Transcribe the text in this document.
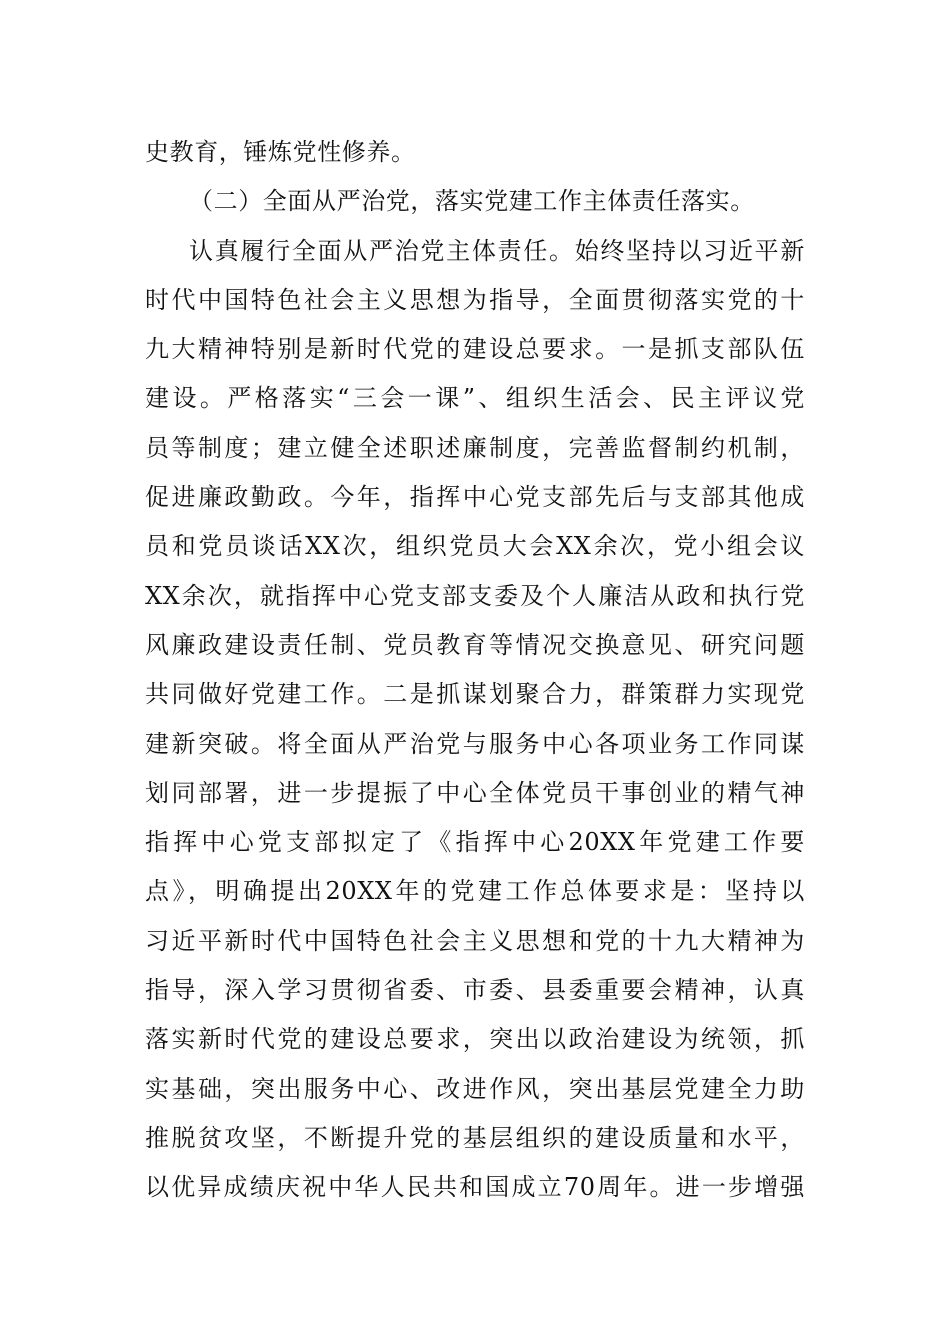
史教育，锤炼党性修养。
（二）全面从严治党，落实党建工作主体责任落实。
认真履行全面从严治党主体责任。始终坚持以习近平新
时代中国特色社会主义思想为指导，全面贯彻落实党的十
九大精神特别是新时代党的建设总要求。一是抓支部队伍
建设。严格落实“三会一课”、组织生活会、民主评议党
员等制度；建立健全述职述廉制度，完善监督制约机制，
促进廉政勤政。今年，指挥中心党支部先后与支部其他成
员和党员谈话XX次，组织党员大会XX余次，党小组会议
XX余次，就指挥中心党支部支委及个人廉洁从政和执行党
风廉政建设责任制、党员教育等情况交换意见、研究问题
共同做好党建工作。二是抓谋划聚合力，群策群力实现党
建新突破。将全面从严治党与服务中心各项业务工作同谋
划同部署，进一步提振了中心全体党员干事创业的精气神
指挥中心党支部拟定了《指挥中心20XX年党建工作要
点》，明确提出20XX年的党建工作总体要求是：坚持以
习近平新时代中国特色社会主义思想和党的十九大精神为
指导，深入学习贯彻省委、市委、县委重要会精神，认真
落实新时代党的建设总要求，突出以政治建设为统领，抓
实基础，突出服务中心、改进作风，突出基层党建全力助
推脱贫攻坚，不断提升党的基层组织的建设质量和水平，
以优异成绩庆祝中华人民共和国成立70周年。进一步增强
